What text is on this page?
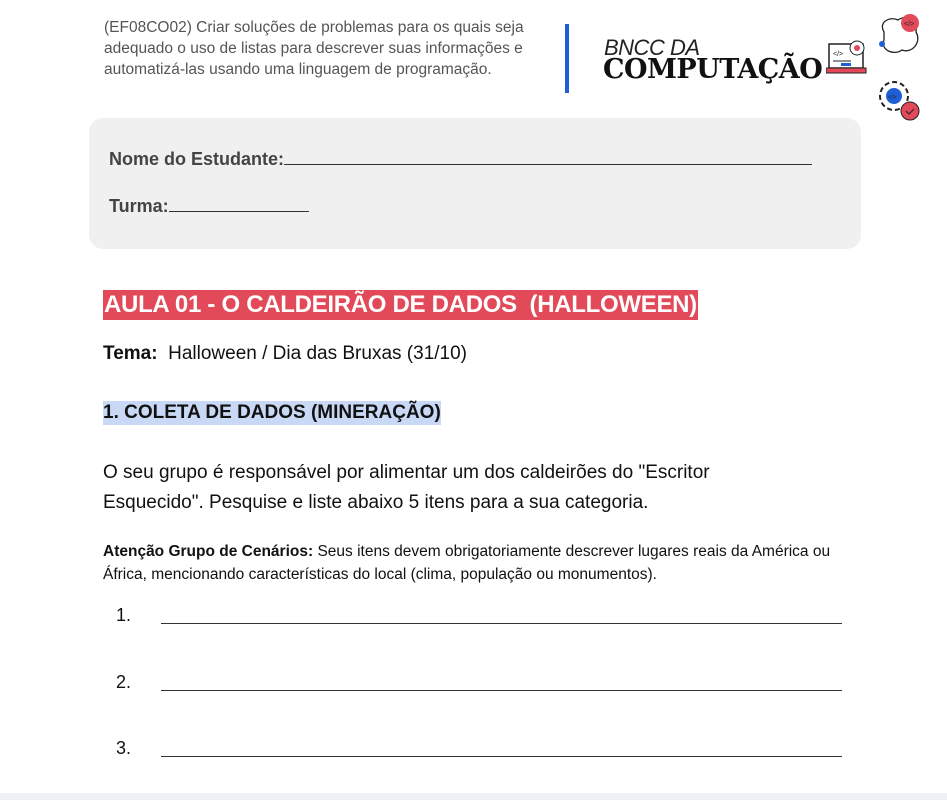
(EF08CO02) Criar soluções de problemas para os quais seja adequado o uso de listas para descrever suas informações e automatizá-las usando uma linguagem de programação.
BNCC DA
COMPUTAÇÃO </>
</>
</>
Nome do Estudante:
Turma:
AULA 01 - O CALDEIRÃO DE DADOS  (HALLOWEEN)
Tema: Halloween / Dia das Bruxas (31/10)
1. COLETA DE DADOS (MINERAÇÃO)
O seu grupo é responsável por alimentar um dos caldeirões do "Escritor Esquecido". Pesquise e liste abaixo 5 itens para a sua categoria.
Atenção Grupo de Cenários: Seus itens devem obrigatoriamente descrever lugares reais da América ou África, mencionando características do local (clima, população ou monumentos).
1.
2.
3.
